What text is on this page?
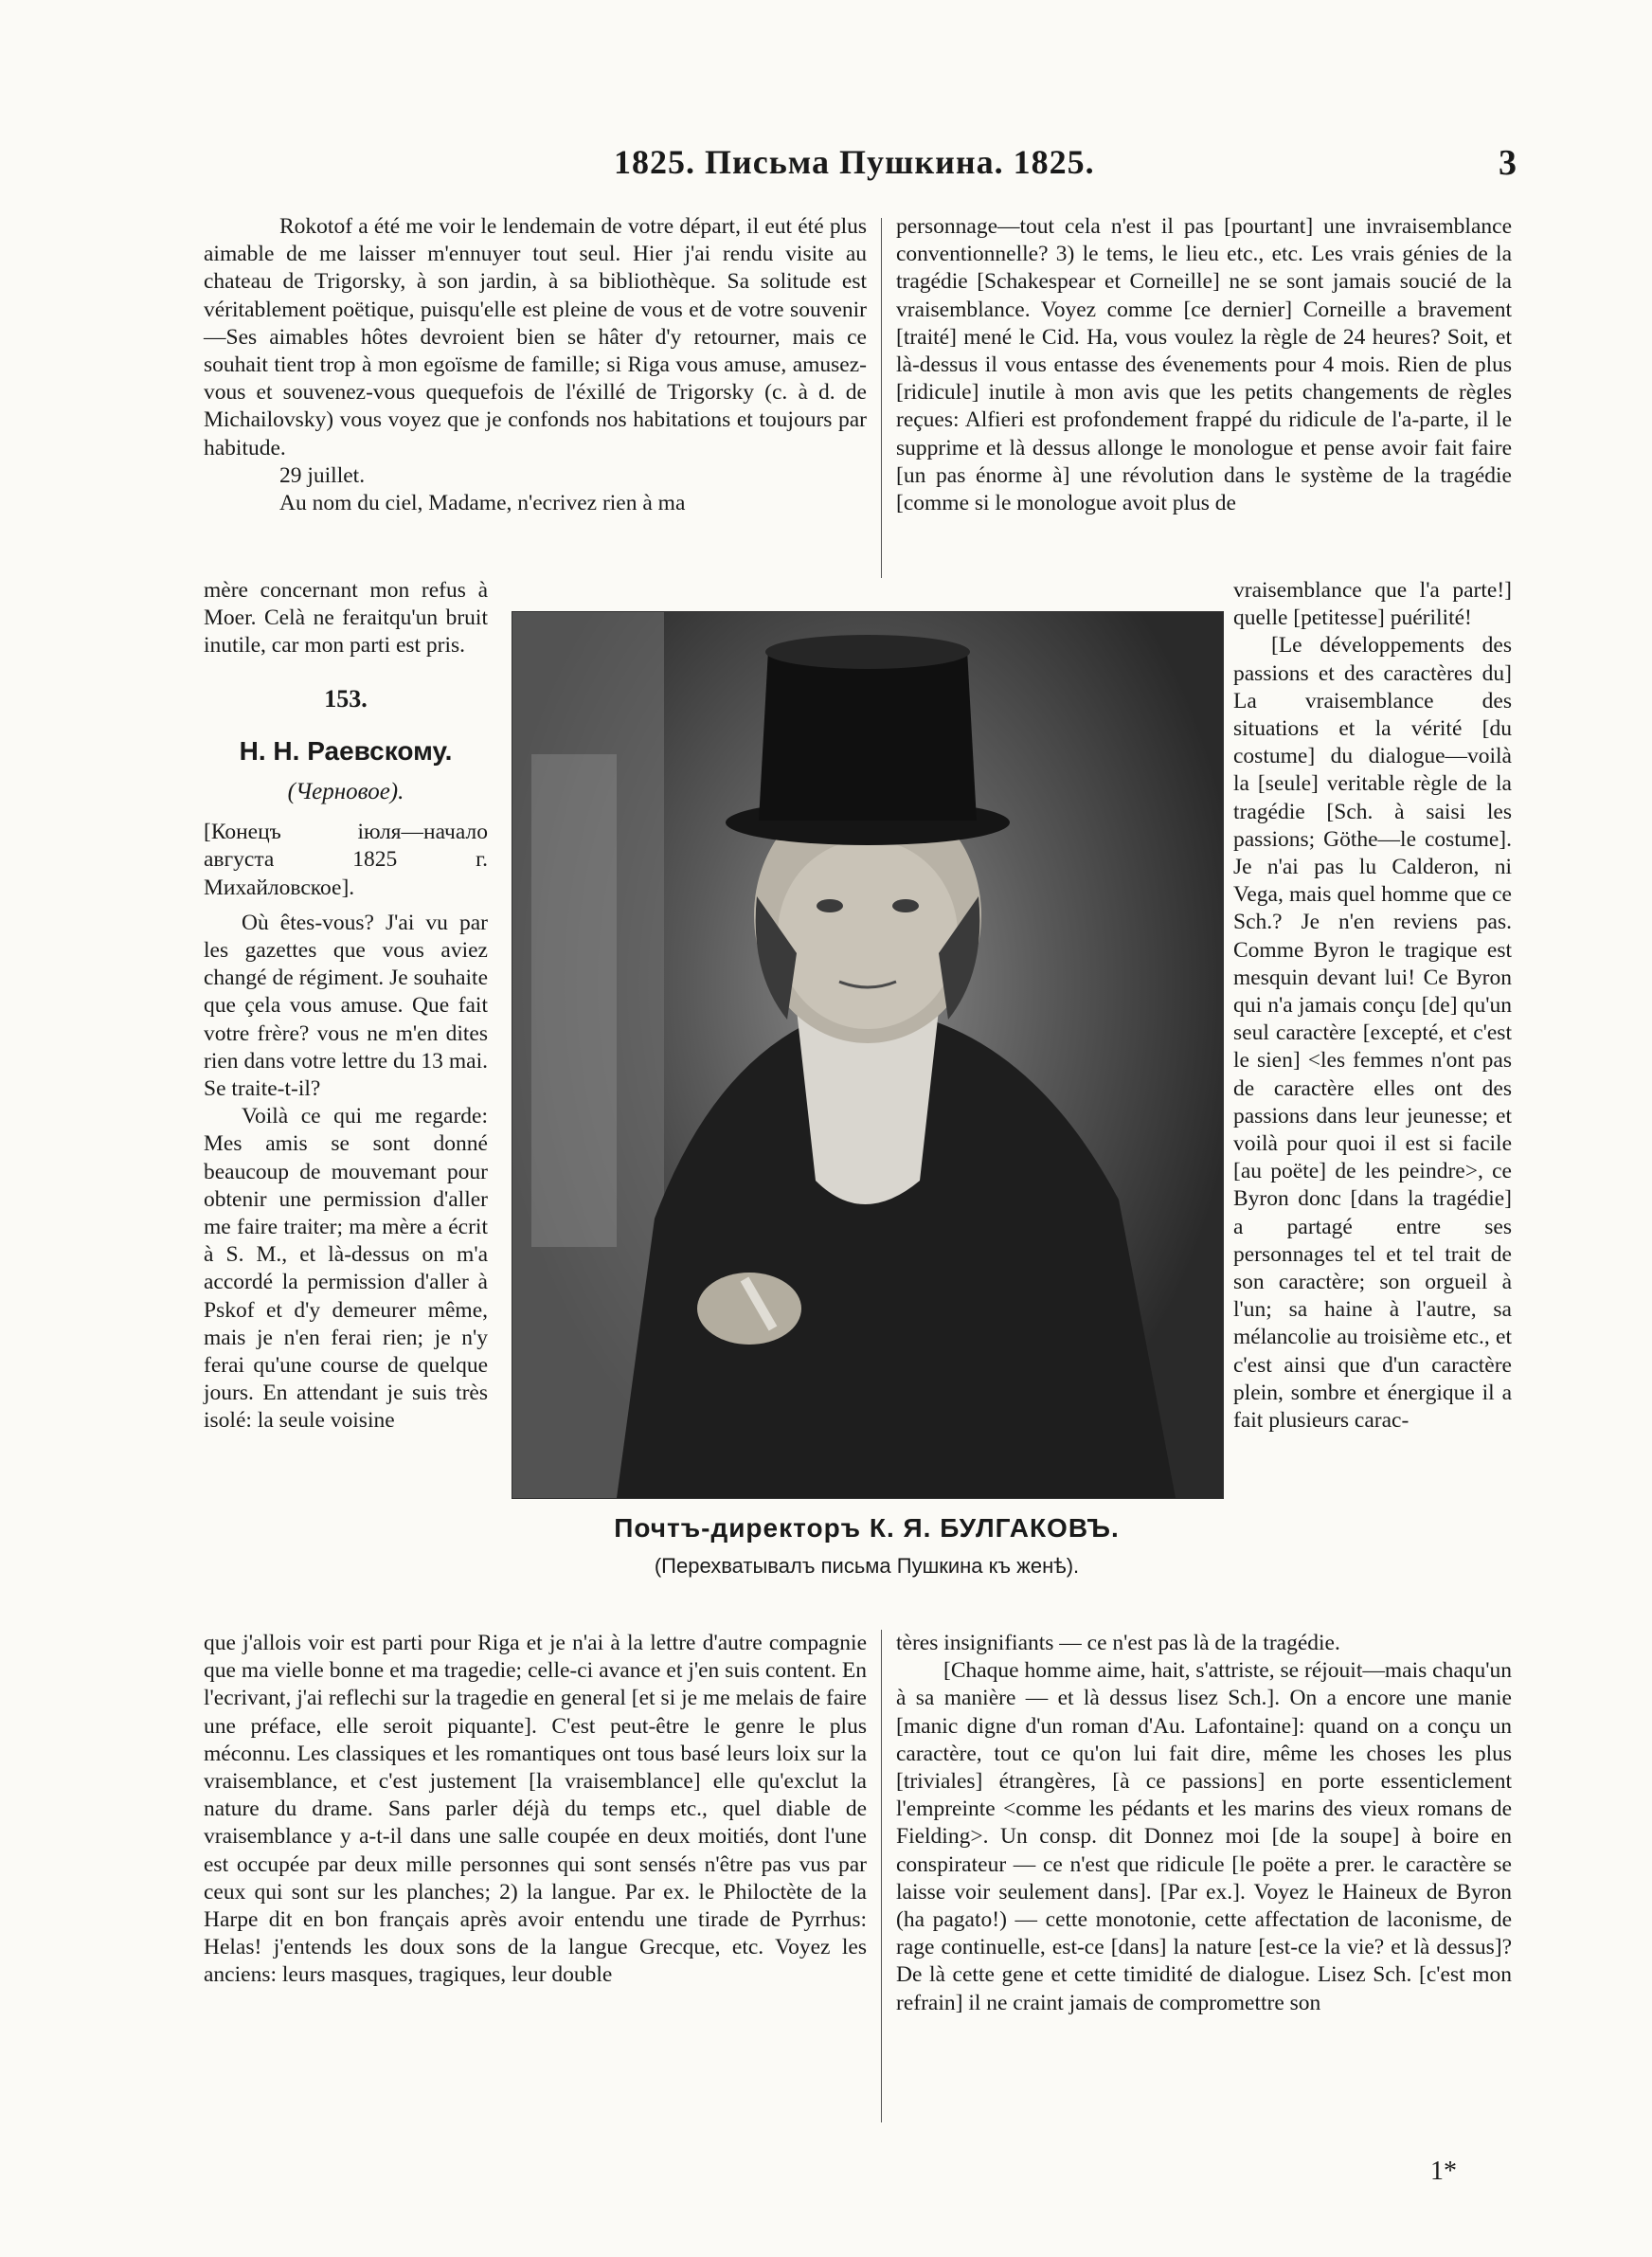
1825. Письма Пушкина. 1825.	3

Rokotof a été me voir le lendemain de votre départ, il eut été plus aimable de me laisser m'ennuyer tout seul. Hier j'ai rendu visite au chateau de Trigorsky, à son jardin, à sa bibliothèque. Sa solitude est véritablement poëtique, puisqu'elle est pleine de vous et de votre souvenir—Ses aimables hôtes devroient bien se hâter d'y retourner, mais ce souhait tient trop à mon egoïsme de famille; si Riga vous amuse, amusez-vous et souvenez-vous quequefois de l'éxillé de Trigorsky (c. à d. de Michailovsky) vous voyez que je confonds nos habitations et toujours par habitude.

29 juillet.

Au nom du ciel, Madame, n'ecrivez rien à ma

mère concernant mon refus à Moer. Celà ne feraitqu'un bruit inutile, car mon parti est pris.

153.

Н. Н. Раевскому.

(Черновое).

[Конецъ іюля—начало августа 1825 г. Михайловское].

Où êtes-vous? J'ai vu par les gazettes que vous aviez changé de régiment. Je souhaite que çela vous amuse. Que fait votre frère? vous ne m'en dites rien dans votre lettre du 13 mai. Se traite-t-il?

Voilà ce qui me regarde: Mes amis se sont donné beaucoup de mouvemant pour obtenir une permission d'aller me faire traiter; ma mère a écrit à S. M., et là-dessus on m'a accordé la permission d'aller à Pskof et d'y demeurer même, mais je n'en ferai rien; je n'y ferai qu'une course de quelque jours. En attendant je suis très isolé: la seule voisine

que j'allois voir est parti pour Riga et je n'ai à la lettre d'autre compagnie que ma vielle bonne et ma tragedie; celle-ci avance et j'en suis content. En l'ecrivant, j'ai reflechi sur la tragedie en general [et si je me melais de faire une préface, elle seroit piquante]. C'est peut-être le genre le plus méconnu. Les classiques et les romantiques ont tous basé leurs loix sur la vraisemblance, et c'est justement [la vraisemblance] elle qu'exclut la nature du drame. Sans parler déjà du temps etc., quel diable de vraisemblance y a-t-il dans une salle coupée en deux moitiés, dont l'une est occupée par deux mille personnes qui sont sensés n'être pas vus par ceux qui sont sur les planches; 2) la langue. Par ex. le Philoctète de la Harpe dit en bon français après avoir entendu une tirade de Pyrrhus: Helas! j'entends les doux sons de la langue Grecque, etc. Voyez les anciens: leurs masques, tragiques, leur double

personnage—tout cela n'est il pas [pourtant] une invraisemblance conventionnelle? 3) le tems, le lieu etc., etc. Les vrais génies de la tragédie [Schakespear et Corneille] ne se sont jamais soucié de la vraisemblance. Voyez comme [ce dernier] Corneille a bravement [traité] mené le Cid. Ha, vous voulez la règle de 24 heures? Soit, et là-dessus il vous entasse des évenements pour 4 mois. Rien de plus [ridicule] inutile à mon avis que les petits changements de règles reçues: Alfieri est profondement frappé du ridicule de l'a-parte, il le supprime et là dessus allonge le monologue et pense avoir fait faire [un pas énorme à] une révolution dans le système de la tragédie [comme si le monologue avoit plus de

vraisemblance que l'a parte!] quelle [petitesse] puérilité!

[Le développements des passions et des caractères du] La vraisemblance des situations et la vérité [du costume] du dialogue—voilà la [seule] veritable règle de la tragédie [Sch. à saisi les passions; Göthe—le costume]. Je n'ai pas lu Calderon, ni Vega, mais quel homme que ce Sch.? Je n'en reviens pas. Comme Byron le tragique est mesquin devant lui! Ce Byron qui n'a jamais conçu [de] qu'un seul caractère [excepté, et c'est le sien] <les femmes n'ont pas de caractère elles ont des passions dans leur jeunesse; et voilà pour quoi il est si facile [au poëte] de les peindre>, ce Byron donc [dans la tragédie] a partagé entre ses personnages tel et tel trait de son caractère; son orgueil à l'un; sa haine à l'autre, sa mélancolie au troisième etc., et c'est ainsi que d'un caractère plein, sombre et énergique il a fait plusieurs carac-

tères insignifiants — ce n'est pas là de la tragédie.

[Chaque homme aime, hait, s'attriste, se réjouit—mais chaqu'un à sa manière — et là dessus lisez Sch.]. On a encore une manie [manic digne d'un roman d'Au. Lafontaine]: quand on a conçu un caractère, tout ce qu'on lui fait dire, même les choses les plus [triviales] étrangères, [à ce passions] en porte essenticlement l'empreinte <comme les pédants et les marins des vieux romans de Fielding>. Un consp. dit Donnez moi [de la soupe] à boire en conspirateur — ce n'est que ridicule [le poëte a prer. le caractère se laisse voir seulement dans]. [Par ex.]. Voyez le Haineux de Byron (ha pagato!) — cette monotonie, cette affectation de laconisme, de rage continuelle, est-ce [dans] la nature [est-ce la vie? et là dessus]? De là cette gene et cette timidité de dialogue. Lisez Sch. [c'est mon refrain] il ne craint jamais de compromettre son

Почтъ-директоръ К. Я. БУЛГАКОВЪ.
(Перехватывалъ письма Пушкина къ женѣ).
1*
